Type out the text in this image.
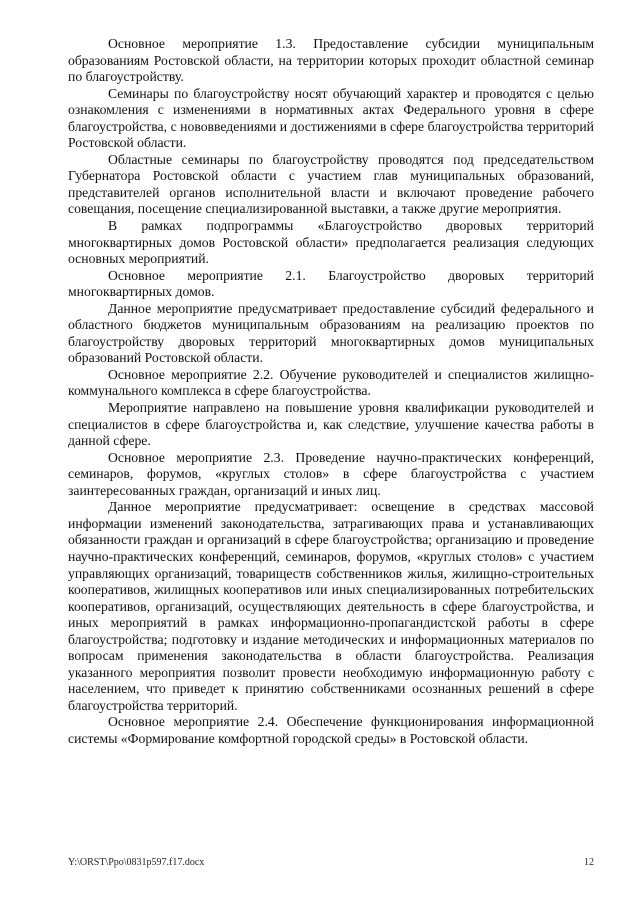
Основное мероприятие 1.3. Предоставление субсидии муниципальным образованиям Ростовской области, на территории которых проходит областной семинар по благоустройству.

Семинары по благоустройству носят обучающий характер и проводятся с целью ознакомления с изменениями в нормативных актах Федерального уровня в сфере благоустройства, с нововведениями и достижениями в сфере благоустройства территорий Ростовской области.

Областные семинары по благоустройству проводятся под председательством Губернатора Ростовской области с участием глав муниципальных образований, представителей органов исполнительной власти и включают проведение рабочего совещания, посещение специализированной выставки, а также другие мероприятия.

В рамках подпрограммы «Благоустройство дворовых территорий многоквартирных домов Ростовской области» предполагается реализация следующих основных мероприятий.

Основное мероприятие 2.1. Благоустройство дворовых территорий многоквартирных домов.

Данное мероприятие предусматривает предоставление субсидий федерального и областного бюджетов муниципальным образованиям на реализацию проектов по благоустройству дворовых территорий многоквартирных домов муниципальных образований Ростовской области.

Основное мероприятие 2.2. Обучение руководителей и специалистов жилищно-коммунального комплекса в сфере благоустройства.

Мероприятие направлено на повышение уровня квалификации руководителей и специалистов в сфере благоустройства и, как следствие, улучшение качества работы в данной сфере.

Основное мероприятие 2.3. Проведение научно-практических конференций, семинаров, форумов, «круглых столов» в сфере благоустройства с участием заинтересованных граждан, организаций и иных лиц.

Данное мероприятие предусматривает: освещение в средствах массовой информации изменений законодательства, затрагивающих права и устанавливающих обязанности граждан и организаций в сфере благоустройства; организацию и проведение научно-практических конференций, семинаров, форумов, «круглых столов» с участием управляющих организаций, товариществ собственников жилья, жилищно-строительных кооперативов, жилищных кооперативов или иных специализированных потребительских кооперативов, организаций, осуществляющих деятельность в сфере благоустройства, и иных мероприятий в рамках информационно-пропагандистской работы в сфере благоустройства; подготовку и издание методических и информационных материалов по вопросам применения законодательства в области благоустройства. Реализация указанного мероприятия позволит провести необходимую информационную работу с населением, что приведет к принятию собственниками осознанных решений в сфере благоустройства территорий.

Основное мероприятие 2.4. Обеспечение функционирования информационной системы «Формирование комфортной городской среды» в Ростовской области.

Y:\ORST\Ppo\0831p597.f17.docx	12
